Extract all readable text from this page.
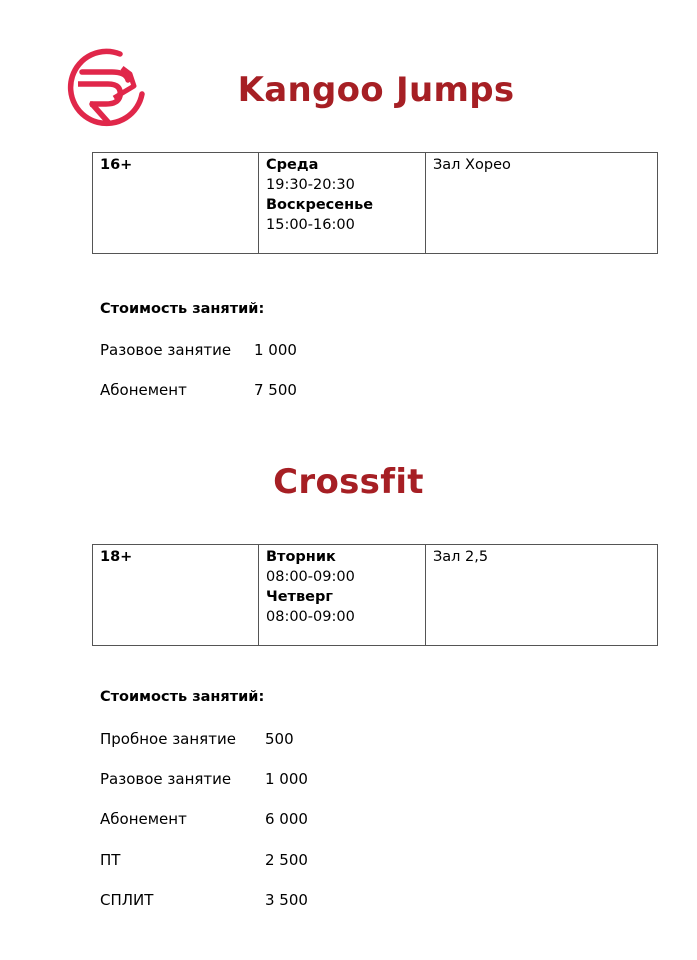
Kangoo Jumps
16+	Среда
19:30-20:30
Воскресенье
15:00-16:00
	Зал Хорео
Стоимость занятий:
Разовое занятие 1 000
Абонемент	7 500
Crossfit
18+	Вторник
08:00-09:00
Четверг
08:00-09:00
	Зал 2,5
Стоимость занятий:
Пробное занятие 500
Разовое занятие 1 000
Абонемент	6 000
ПТ	2 500
СПЛИТ	3 500
